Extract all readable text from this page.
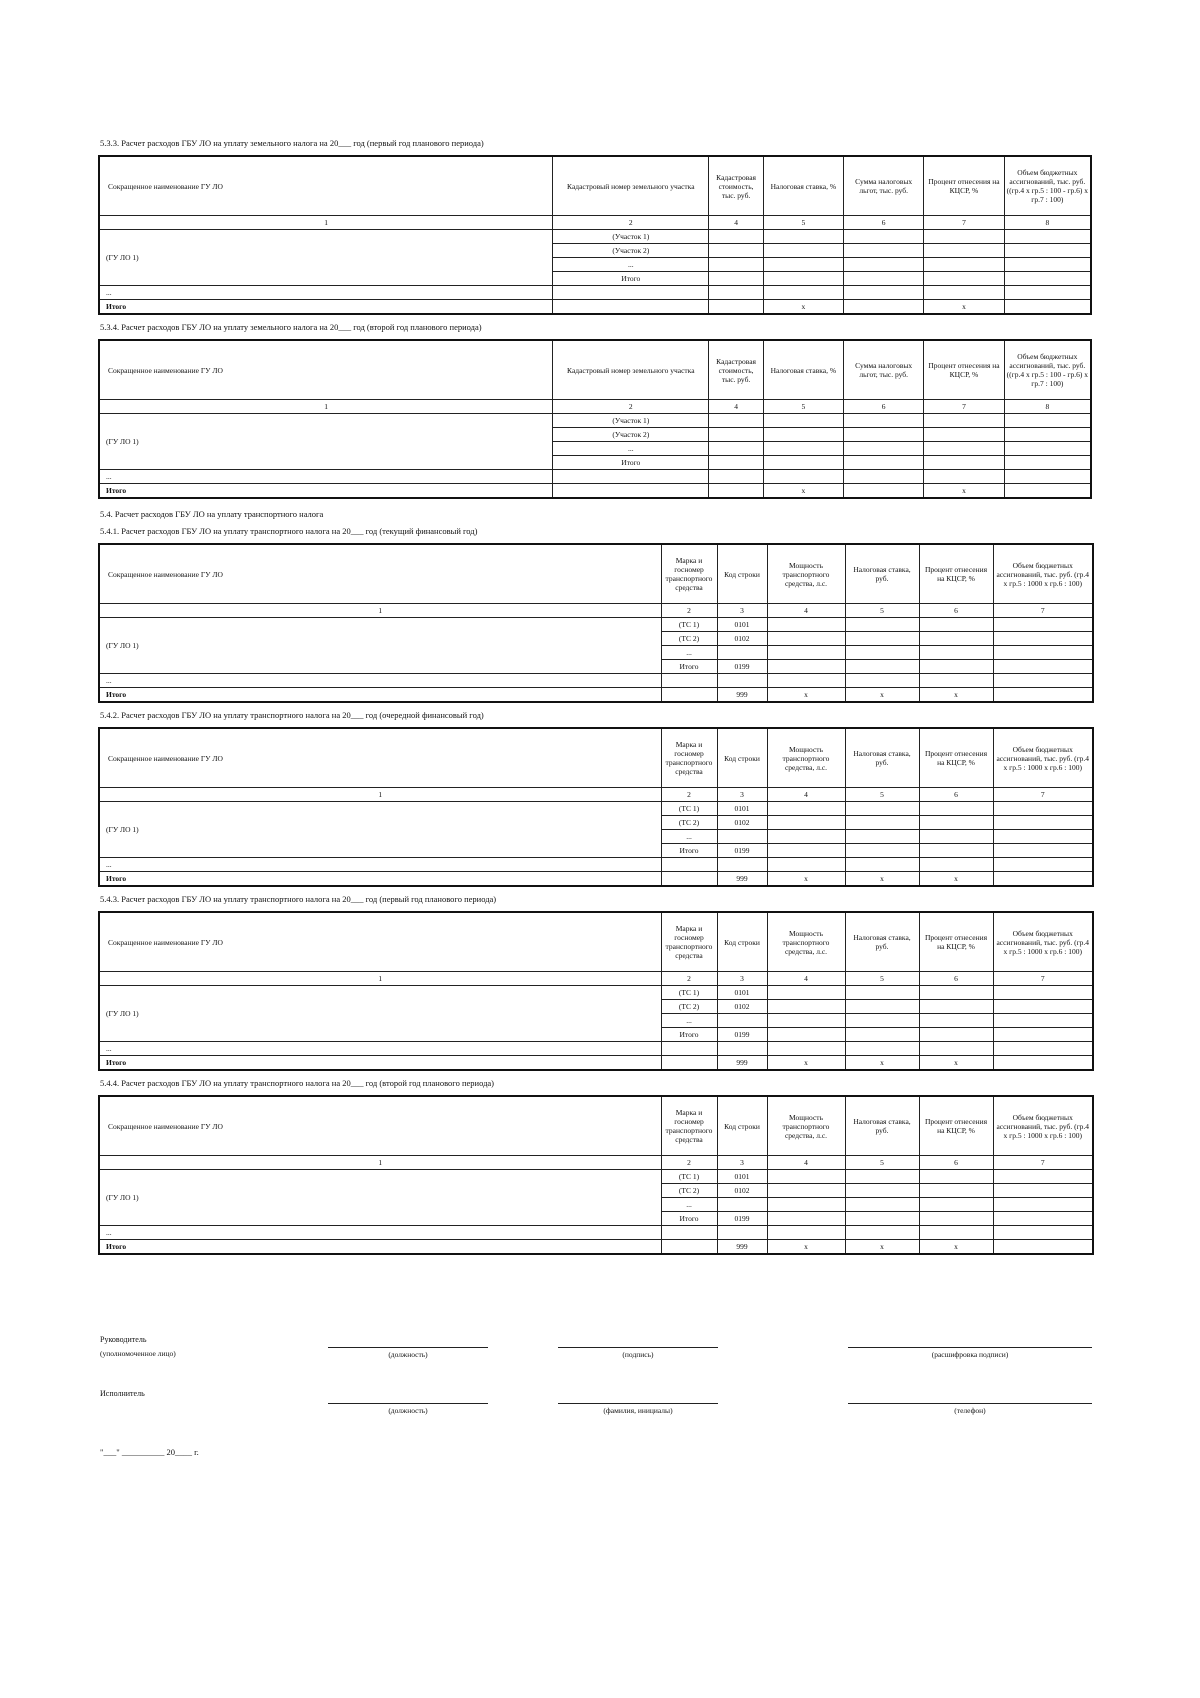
5.3.3. Расчет расходов ГБУ ЛО на уплату земельного налога на 20___ год (первый год планового периода)
Сокращенное наименование ГУ ЛО	Кадастровый номер земельного участка	Кадастровая стоимость, тыс. руб.	Налоговая ставка, %	Сумма налоговых льгот, тыс. руб.	Процент отнесения на КЦСР, %	Объем бюджетных ассигнований, тыс. руб. ((гр.4 x гр.5 : 100 - гр.6) x гр.7 : 100)
1	2	4	5	6	7	8
(ГУ ЛО 1)	(Участок 1)					
	(Участок 2)					
	...					
	Итого					
...						
Итого			x		x	
5.3.4. Расчет расходов ГБУ ЛО на уплату земельного налога на 20___ год (второй год планового периода)
Сокращенное наименование ГУ ЛО	Кадастровый номер земельного участка	Кадастровая стоимость, тыс. руб.	Налоговая ставка, %	Сумма налоговых льгот, тыс. руб.	Процент отнесения на КЦСР, %	Объем бюджетных ассигнований, тыс. руб. ((гр.4 x гр.5 : 100 - гр.6) x гр.7 : 100)
1	2	4	5	6	7	8
(ГУ ЛО 1)	(Участок 1)					
	(Участок 2)					
	...					
	Итого					
...						
Итого			x		x	
5.4. Расчет расходов ГБУ ЛО на уплату транспортного налога
5.4.1. Расчет расходов ГБУ ЛО на уплату транспортного налога на 20___ год (текущий финансовый год)
Сокращенное наименование ГУ ЛО	Марка и госномер транспортного средства	Код строки	Мощность транспортного средства, л.с.	Налоговая ставка, руб.	Процент отнесения на КЦСР, %	Объем бюджетных ассигнований, тыс. руб. (гр.4 x гр.5 : 1000 x гр.6 : 100)
1	2	3	4	5	6	7
(ГУ ЛО 1)	(ТС 1)	0101				
	(ТС 2)	0102				
	...					
	Итого	0199				
...						
Итого		999	x	x	x	
5.4.2. Расчет расходов ГБУ ЛО на уплату транспортного налога на 20___ год (очередной финансовый год)
Сокращенное наименование ГУ ЛО	Марка и госномер транспортного средства	Код строки	Мощность транспортного средства, л.с.	Налоговая ставка, руб.	Процент отнесения на КЦСР, %	Объем бюджетных ассигнований, тыс. руб. (гр.4 x гр.5 : 1000 x гр.6 : 100)
1	2	3	4	5	6	7
(ГУ ЛО 1)	(ТС 1)	0101				
	(ТС 2)	0102				
	...					
	Итого	0199				
...						
Итого		999	x	x	x	
5.4.3. Расчет расходов ГБУ ЛО на уплату транспортного налога на 20___ год (первый год планового периода)
Сокращенное наименование ГУ ЛО	Марка и госномер транспортного средства	Код строки	Мощность транспортного средства, л.с.	Налоговая ставка, руб.	Процент отнесения на КЦСР, %	Объем бюджетных ассигнований, тыс. руб. (гр.4 x гр.5 : 1000 x гр.6 : 100)
1	2	3	4	5	6	7
(ГУ ЛО 1)	(ТС 1)	0101				
	(ТС 2)	0102				
	...					
	Итого	0199				
...						
Итого		999	x	x	x	
5.4.4. Расчет расходов ГБУ ЛО на уплату транспортного налога на 20___ год (второй год планового периода)
Сокращенное наименование ГУ ЛО	Марка и госномер транспортного средства	Код строки	Мощность транспортного средства, л.с.	Налоговая ставка, руб.	Процент отнесения на КЦСР, %	Объем бюджетных ассигнований, тыс. руб. (гр.4 x гр.5 : 1000 x гр.6 : 100)
1	2	3	4	5	6	7
(ГУ ЛО 1)	(ТС 1)	0101				
	(ТС 2)	0102				
	...					
	Итого	0199				
...						
Итого		999	x	x	x	
Руководитель
(уполномоченное лицо)	(должность)	(подпись)	(расшифровка подписи)
Исполнитель
(должность)	(фамилия, инициалы)	(телефон)
"___" __________ 20____ г.
